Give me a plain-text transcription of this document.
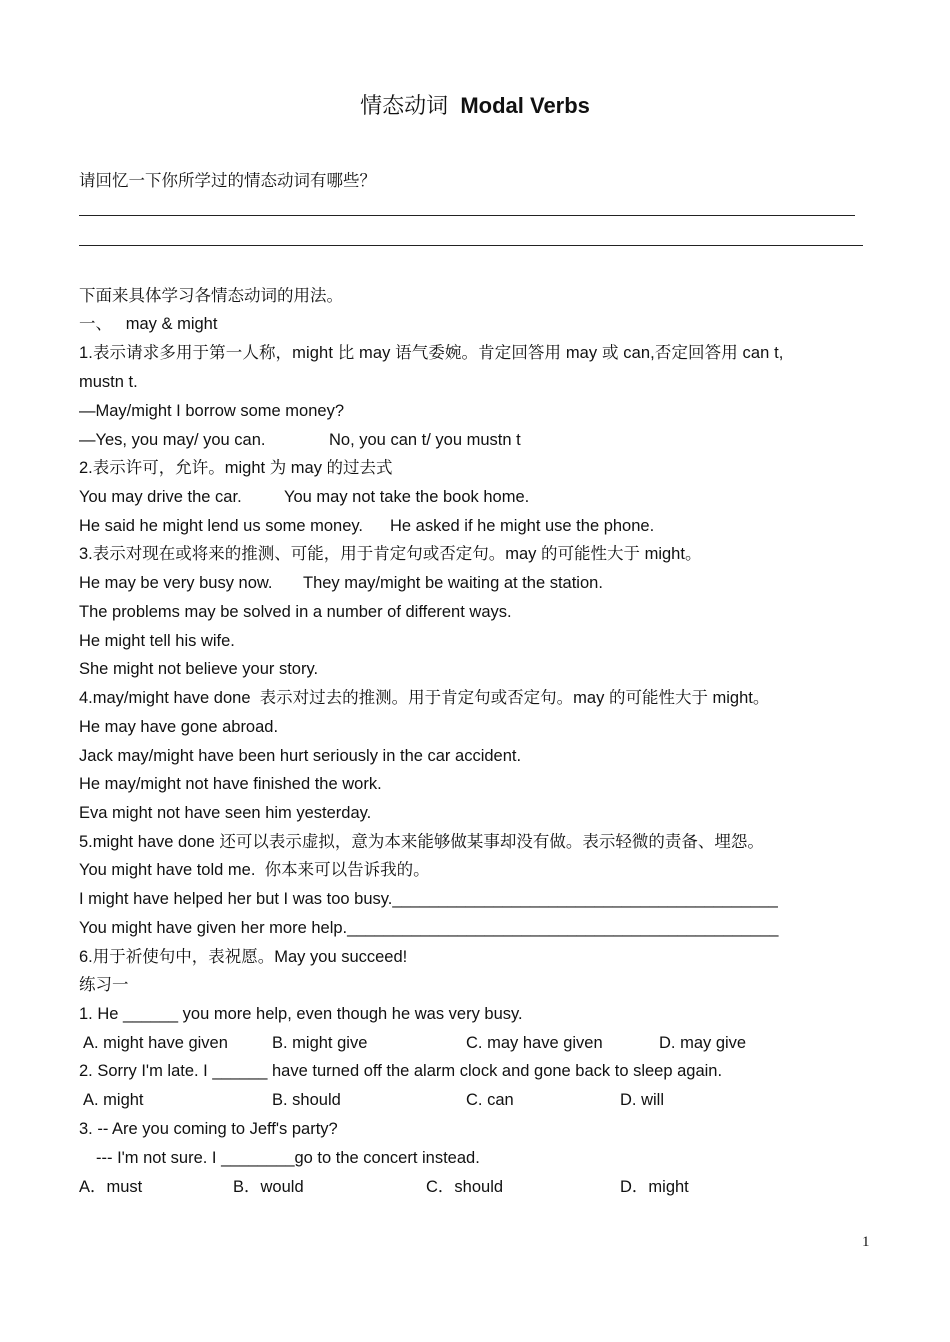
情态动词 Modal Verbs
请回忆一下你所学过的情态动词有哪些？
下面来具体学习各情态动词的用法。
一、   may & might
1.表示请求多用于第一人称，might 比 may 语气委婉。肯定回答用 may 或 can,否定回答用 can t,
mustn t.
—May/might I borrow some money?
—Yes, you may/ you can.	No, you can t/ you mustn t
2.表示许可，允许。might 为 may 的过去式
You may drive the car.	You may not take the book home.
He said he might lend us some money. He asked if he might use the phone.
3.表示对现在或将来的推测、可能，用于肯定句或否定句。may 的可能性大于 might。
He may be very busy now. They may/might be waiting at the station.
The problems may be solved in a number of different ways.
He might tell his wife.
She might not believe your story.
4.may/might have done  表示对过去的推测。用于肯定句或否定句。may 的可能性大于 might。
He may have gone abroad.
Jack may/might have been hurt seriously in the car accident.
He may/might not have finished the work.
Eva might not have seen him yesterday.
5.might have done 还可以表示虚拟，意为本来能够做某事却没有做。表示轻微的责备、埋怨。
You might have told me.  你本来可以告诉我的。
I might have helped her but I was too busy.__________________________________________
You might have given her more help._______________________________________________
6.用于祈使句中，表祝愿。May you succeed!
练习一
1. He ______ you more help, even though he was very busy.
A. might have given	B. might give	C. may have given	D. may give
2. Sorry I'm late. I ______ have turned off the alarm clock and gone back to sleep again.
A. might	B. should	C. can	D. will
3. -- Are you coming to Jeff's party?
--- I'm not sure. I ________go to the concert instead.
A．must	B．would	C．should	D．might
1
